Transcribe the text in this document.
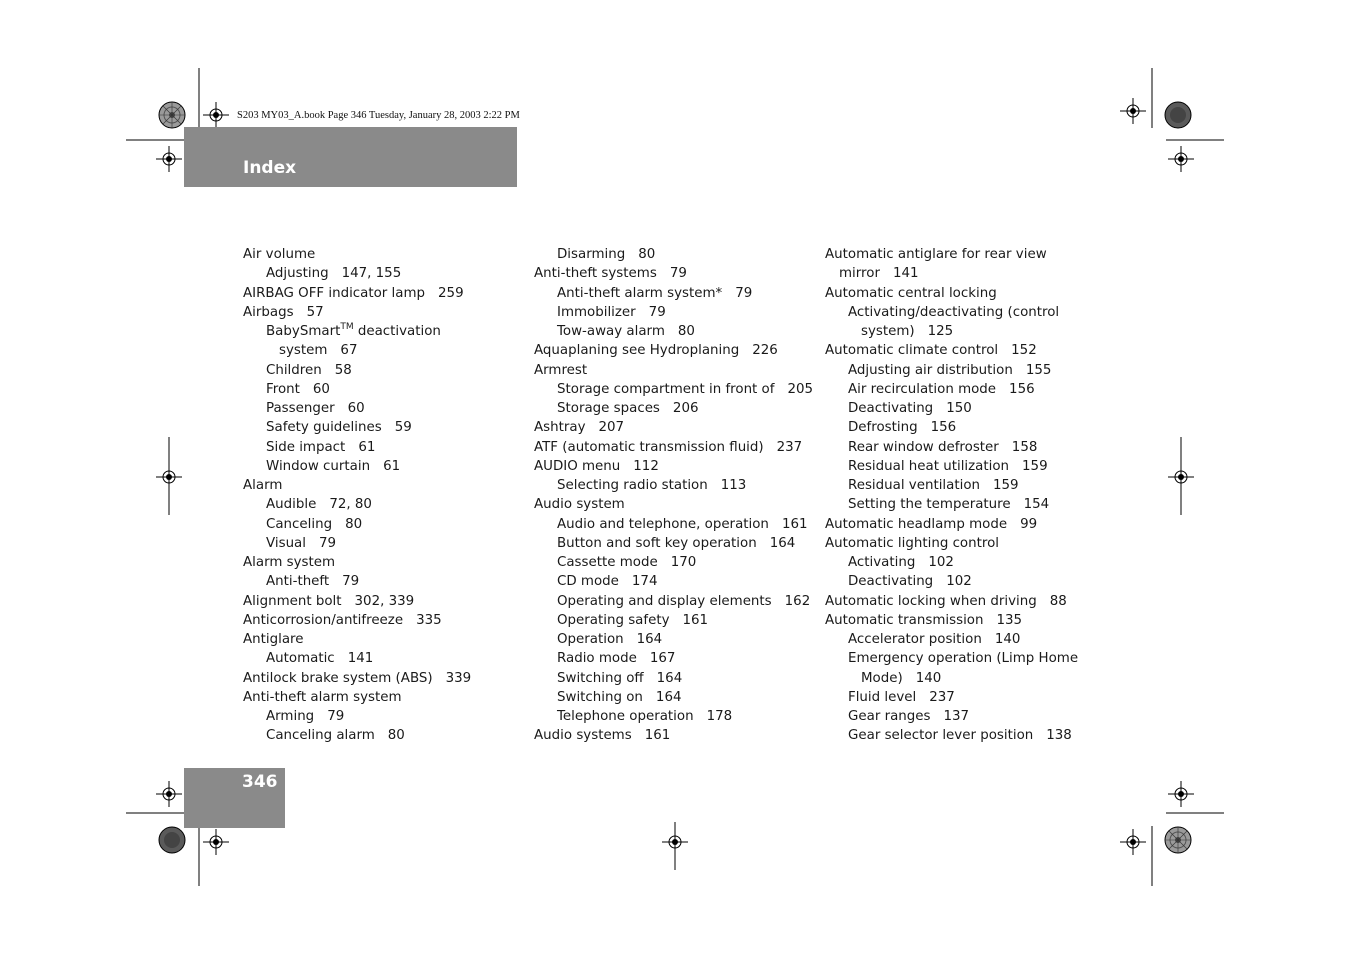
S203 MY03_A.book Page 346 Tuesday, January 28, 2003 2:22 PM
Index
Air volume
Adjusting 147, 155
AIRBAG OFF indicator lamp 259
Airbags 57
BabySmart™ deactivation
system 67
Children 58
Front 60
Passenger 60
Safety guidelines 59
Side impact 61
Window curtain 61
Alarm
Audible 72, 80
Canceling 80
Visual 79
Alarm system
Anti-theft 79
Alignment bolt 302, 339
Anticorrosion/antifreeze 335
Antiglare
Automatic 141
Antilock brake system (ABS) 339
Anti-theft alarm system
Arming 79
Canceling alarm 80
Disarming 80
Anti-theft systems 79
Anti-theft alarm system* 79
Immobilizer 79
Tow-away alarm 80
Aquaplaning see Hydroplaning 226
Armrest
Storage compartment in front of 205
Storage spaces 206
Ashtray 207
ATF (automatic transmission fluid) 237
AUDIO menu 112
Selecting radio station 113
Audio system
Audio and telephone, operation 161
Button and soft key operation 164
Cassette mode 170
CD mode 174
Operating and display elements 162
Operating safety 161
Operation 164
Radio mode 167
Switching off 164
Switching on 164
Telephone operation 178
Audio systems 161
Automatic antiglare for rear view
mirror 141
Automatic central locking
Activating/deactivating (control
system) 125
Automatic climate control 152
Adjusting air distribution 155
Air recirculation mode 156
Deactivating 150
Defrosting 156
Rear window defroster 158
Residual heat utilization 159
Residual ventilation 159
Setting the temperature 154
Automatic headlamp mode 99
Automatic lighting control
Activating 102
Deactivating 102
Automatic locking when driving 88
Automatic transmission 135
Accelerator position 140
Emergency operation (Limp Home
Mode) 140
Fluid level 237
Gear ranges 137
Gear selector lever position 138
346
